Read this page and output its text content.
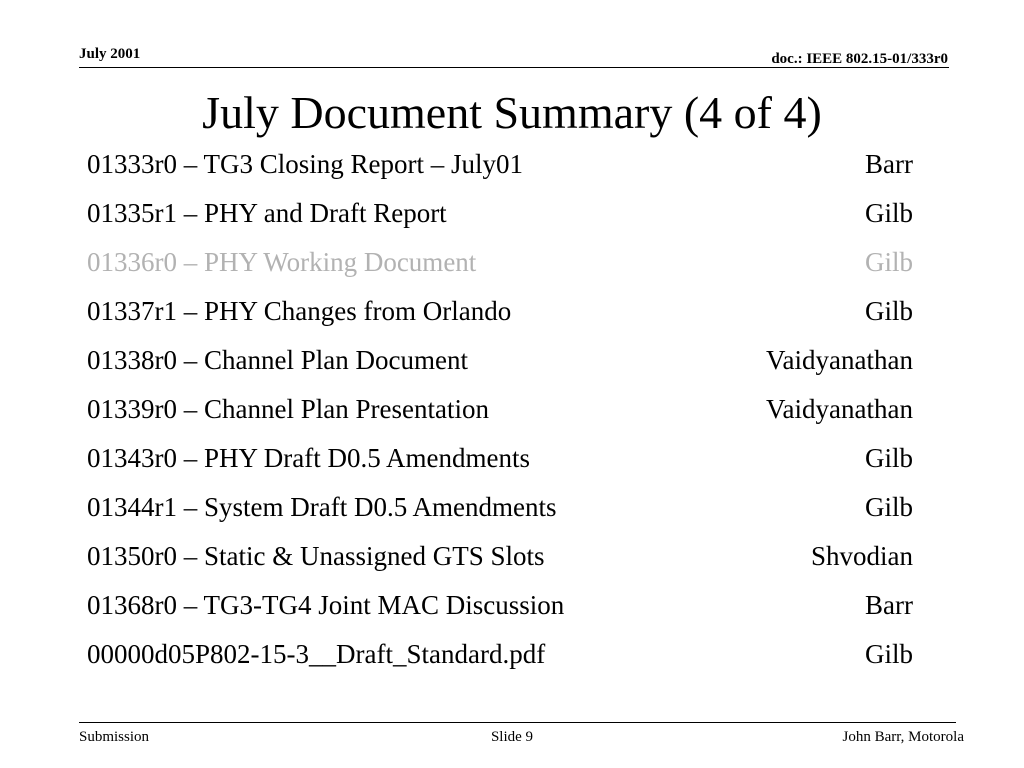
July 2001	doc.: IEEE 802.15-01/333r0
July Document Summary (4 of 4)
01333r0 – TG3 Closing Report – July01	Barr
01335r1 – PHY and Draft Report	Gilb
01336r0 – PHY Working Document	Gilb
01337r1 – PHY Changes from Orlando	Gilb
01338r0 – Channel Plan Document	Vaidyanathan
01339r0 – Channel Plan Presentation	Vaidyanathan
01343r0 – PHY Draft D0.5 Amendments	Gilb
01344r1 – System Draft D0.5 Amendments	Gilb
01350r0 – Static & Unassigned GTS Slots	Shvodian
01368r0 – TG3-TG4 Joint MAC Discussion	Barr
00000d05P802-15-3__Draft_Standard.pdf	Gilb
Submission	Slide 9	John Barr, Motorola
